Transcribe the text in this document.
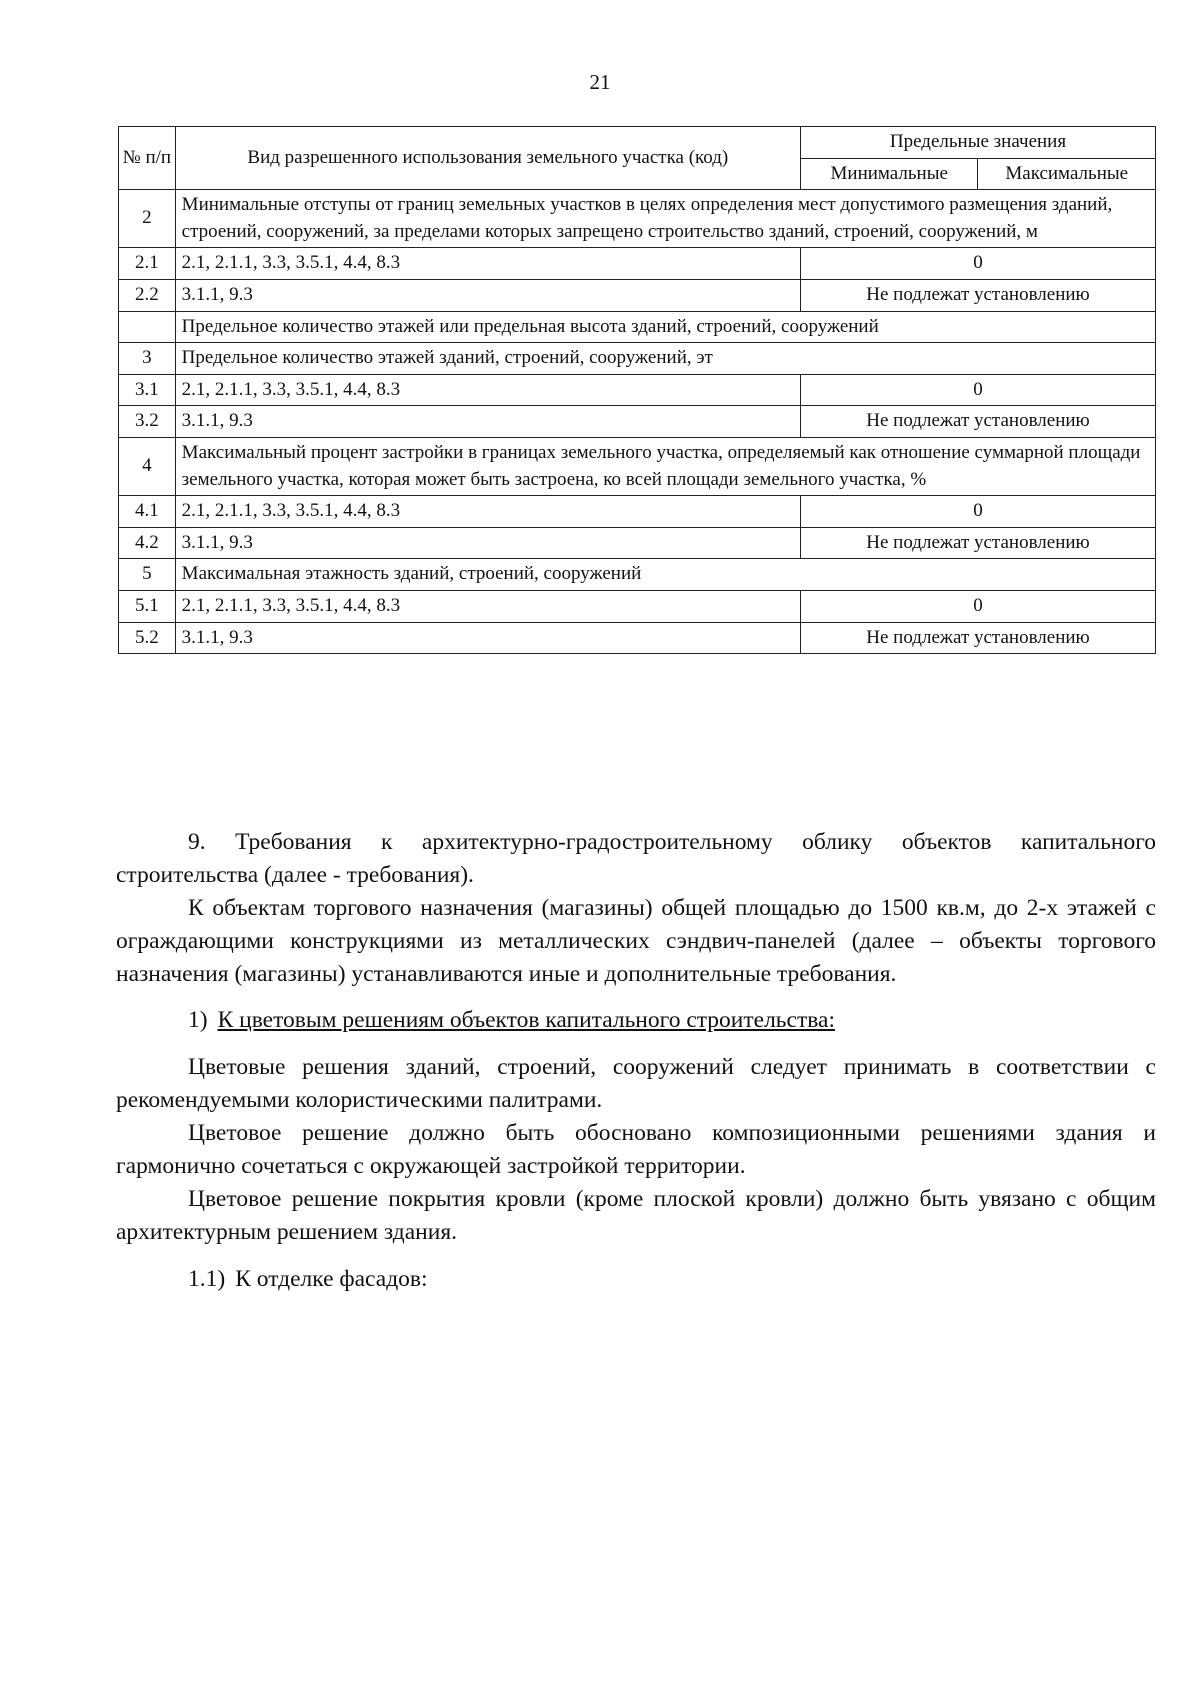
21
№ п/п	Вид разрешенного использования земельного участка (код)	Предельные значения	
		Минимальные	Максимальные
2	Минимальные отступы от границ земельных участков в целях определения мест допустимого размещения зданий, строений, сооружений, за пределами которых запрещено строительство зданий, строений, сооружений, м		
2.1	2.1, 2.1.1, 3.3, 3.5.1, 4.4, 8.3	0	
2.2	3.1.1, 9.3	Не подлежат установлению	
	Предельное количество этажей или предельная высота зданий, строений, сооружений		
3	Предельное количество этажей зданий, строений, сооружений, эт		
3.1	2.1, 2.1.1, 3.3, 3.5.1, 4.4, 8.3	0	
3.2	3.1.1, 9.3	Не подлежат установлению	
4	Максимальный процент застройки в границах земельного участка, определяемый как отношение суммарной площади земельного участка, которая может быть застроена, ко всей площади земельного участка, %		
4.1	2.1, 2.1.1, 3.3, 3.5.1, 4.4, 8.3	0	
4.2	3.1.1, 9.3	Не подлежат установлению	
5	Максимальная этажность зданий, строений, сооружений		
5.1	2.1, 2.1.1, 3.3, 3.5.1, 4.4, 8.3	0	
5.2	3.1.1, 9.3	Не подлежат установлению	

9. Требования к архитектурно-градостроительному облику объектов капитального строительства (далее - требования).

К объектам торгового назначения (магазины) общей площадью до 1500 кв.м, до 2-х этажей с ограждающими конструкциями из металлических сэндвич-панелей (далее – объекты торгового назначения (магазины) устанавливаются иные и дополнительные требования.

1) К цветовым решениям объектов капитального строительства:

Цветовые решения зданий, строений, сооружений следует принимать в соответствии с рекомендуемыми колористическими палитрами.

Цветовое решение должно быть обосновано композиционными решениями здания и гармонично сочетаться с окружающей застройкой территории.

Цветовое решение покрытия кровли (кроме плоской кровли) должно быть увязано с общим архитектурным решением здания.

1.1) К отделке фасадов:
